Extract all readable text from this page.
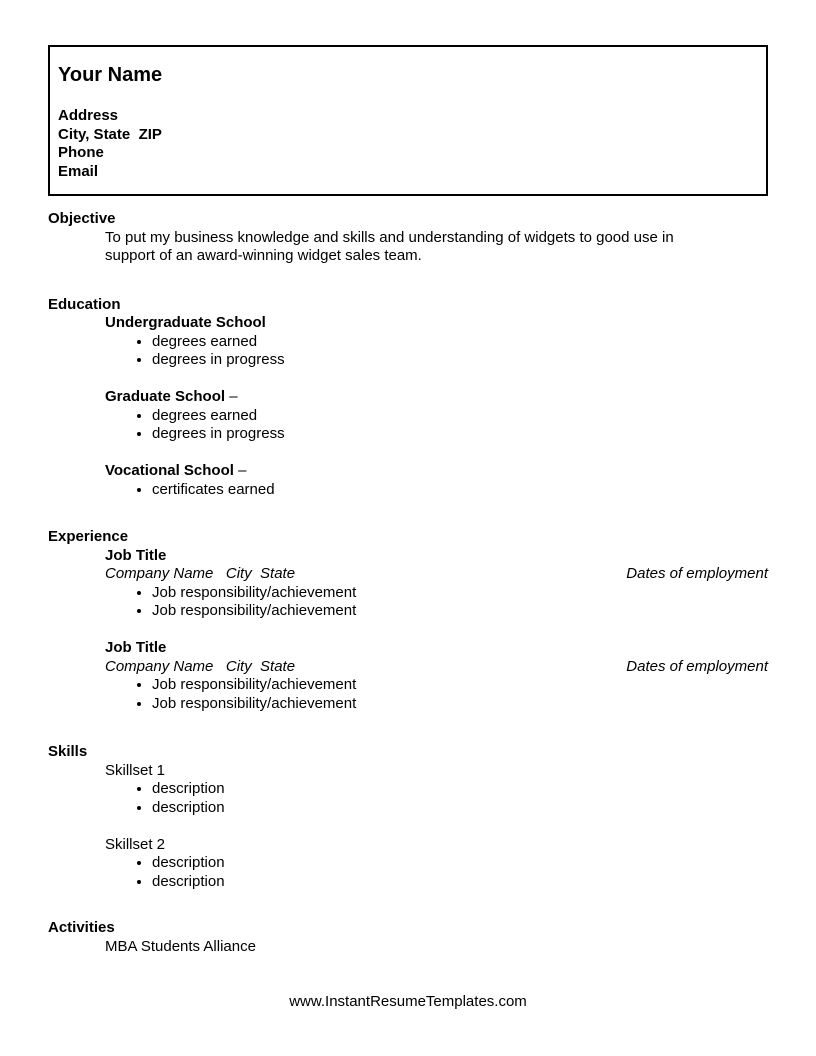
Your Name
Address
City, State  ZIP
Phone
Email
Objective
To put my business knowledge and skills and understanding of widgets to good use in support of an award-winning widget sales team.
Education
Undergraduate School
• degrees earned
• degrees in progress
Graduate School –
• degrees earned
• degrees in progress
Vocational School –
• certificates earned
Experience
Job Title
Company Name   City  State	Dates of employment
• Job responsibility/achievement
• Job responsibility/achievement
Job Title
Company Name   City  State	Dates of employment
• Job responsibility/achievement
• Job responsibility/achievement
Skills
Skillset 1
• description
• description
Skillset 2
• description
• description
Activities
MBA Students Alliance
www.InstantResumeTemplates.com
